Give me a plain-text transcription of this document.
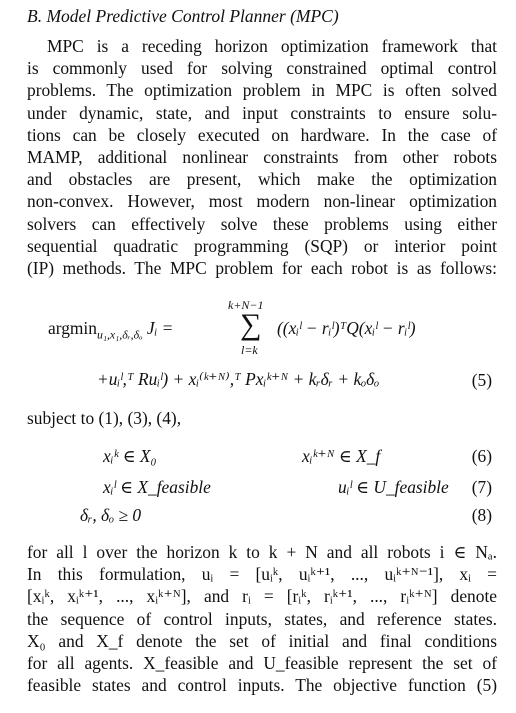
B. Model Predictive Control Planner (MPC)
MPC is a receding horizon optimization framework that
is commonly used for solving constrained optimal control
problems. The optimization problem in MPC is often solved
under dynamic, state, and input constraints to ensure solu-
tions can be closely executed on hardware. In the case of
MAMP, additional nonlinear constraints from other robots
and obstacles are present, which make the optimization
non-convex. However, most modern non-linear optimization
solvers can effectively solve these problems using either
sequential quadratic programming (SQP) or interior point
(IP) methods. The MPC problem for each robot is as follows:
argmin$_{u_1,x_1,\delta ᵣ,\delta_o}$ Jᵢ =
k+N−1
∑
l=k
((xᵢˡ − rᵢˡ)ᵀQ(xᵢˡ − rᵢˡ)
+uᵢˡ,ᵀ Ruᵢˡ) + xᵢ⁽ᵏ⁺ᴺ⁾,ᵀ Pxᵢᵏ⁺ᴺ + kᵣδᵣ + kₒδₒ	(5)
subject to (1), (3), (4),
xᵢᵏ ∈ X₀	xᵢᵏ⁺ᴺ ∈ X_f	(6)
xᵢˡ ∈ X_feasible	uᵢˡ ∈ U_feasible (7)
δᵣ, δₒ ≥ 0	(8)
for all l over the horizon k to k + N and all robots i ∈ Nₐ.
In this formulation, uᵢ = [uᵢᵏ, uᵢᵏ⁺¹, ..., uᵢᵏ⁺ᴺ⁻¹], xᵢ =
[xᵢᵏ, xᵢᵏ⁺¹, ..., xᵢᵏ⁺ᴺ], and rᵢ = [rᵢᵏ, rᵢᵏ⁺¹, ..., rᵢᵏ⁺ᴺ] denote
the sequence of control inputs, states, and reference states.
X₀ and X_f denote the set of initial and final conditions
for all agents. X_feasible and U_feasible represent the set of
feasible states and control inputs. The objective function (5)
